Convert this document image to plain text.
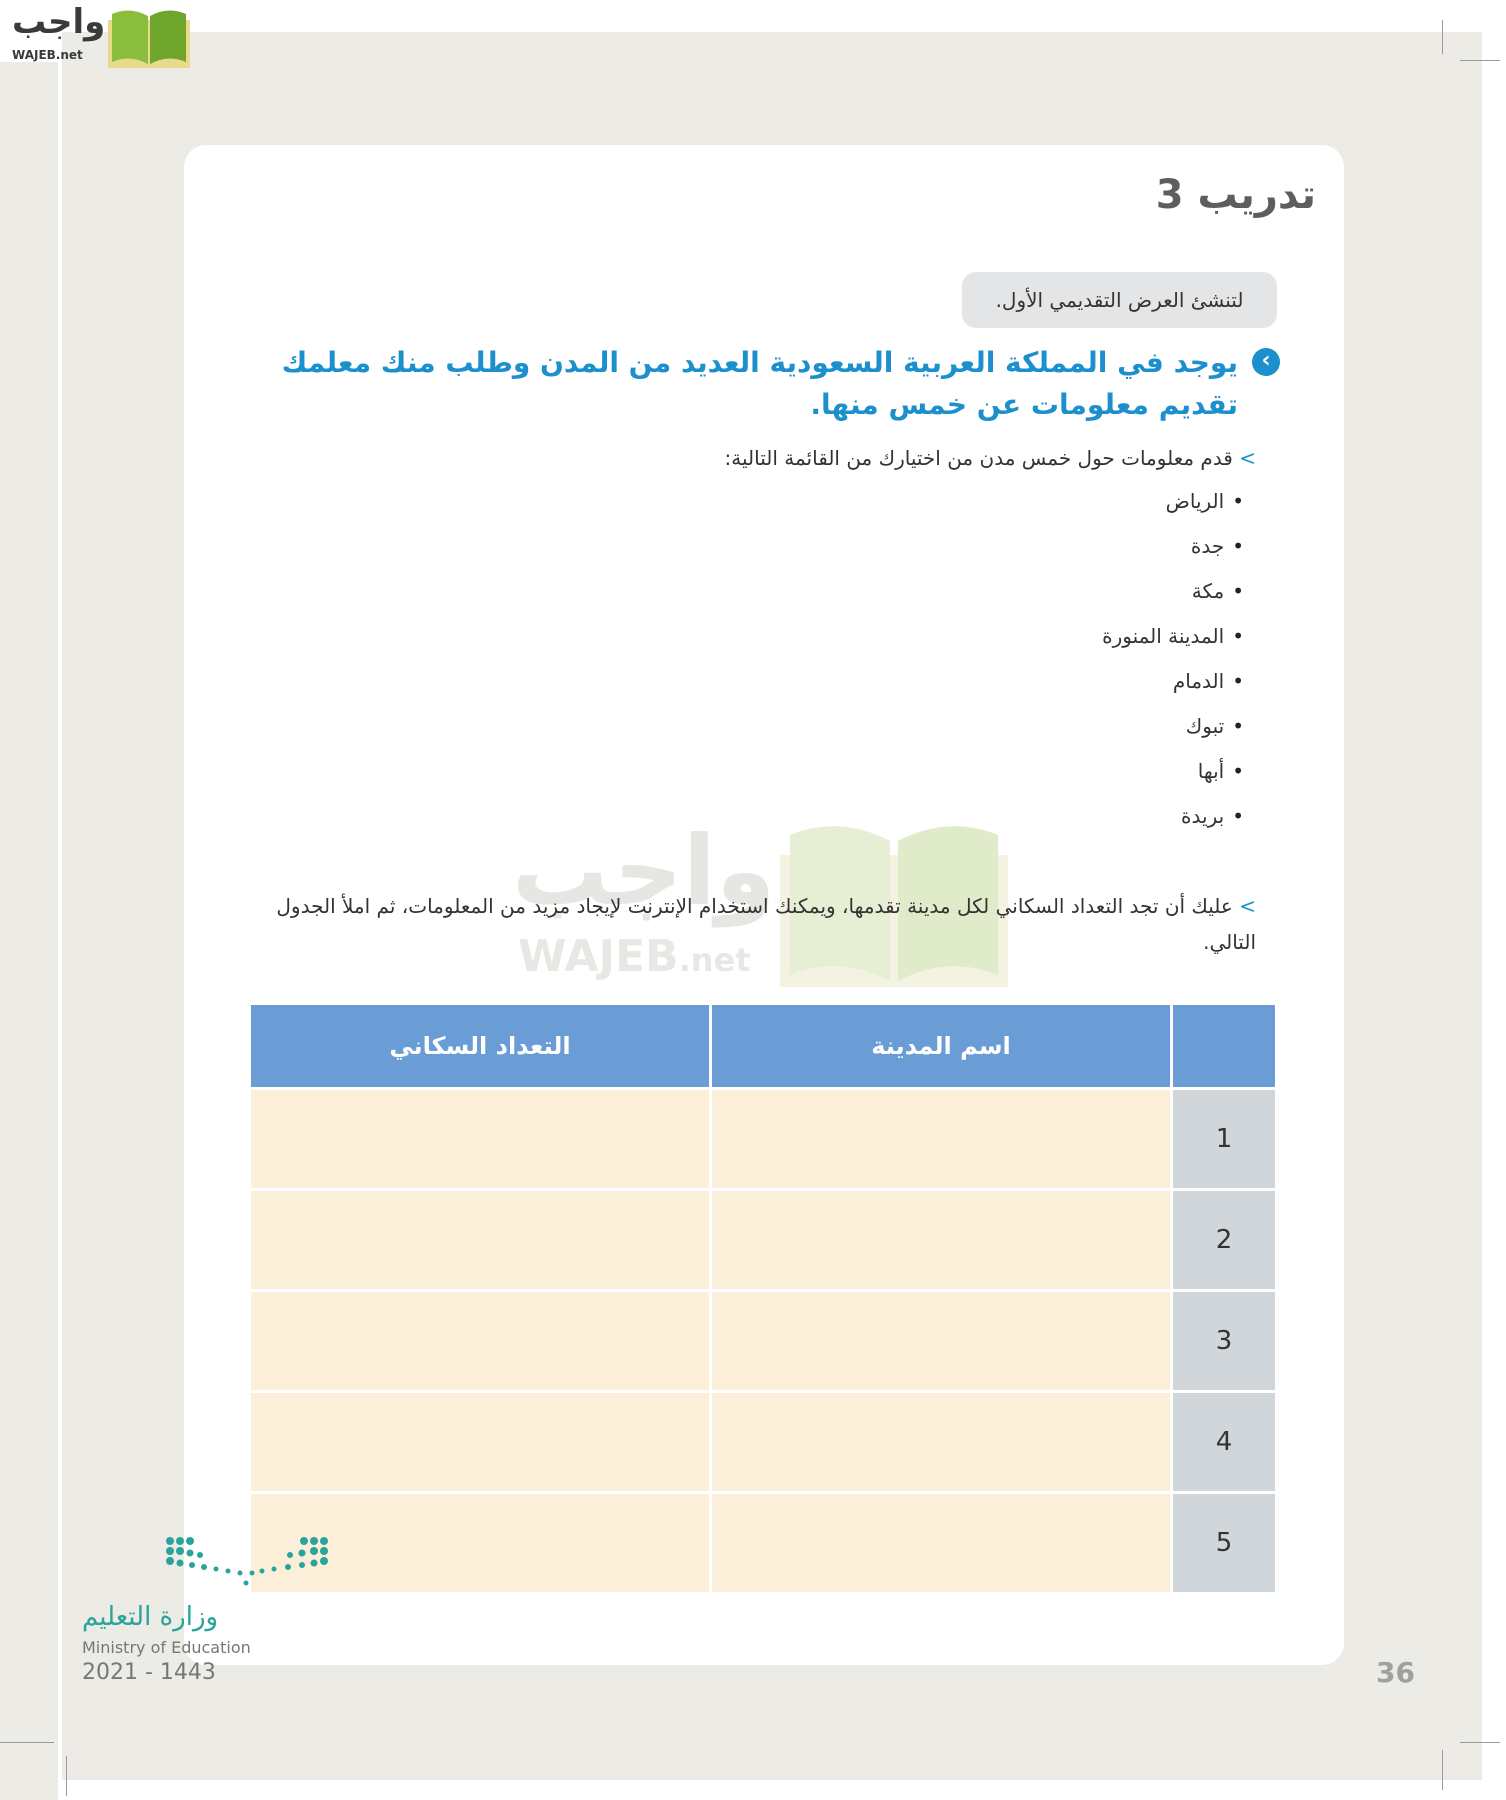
واجب
WAJEB.net
تدريب 3
لتنشئ العرض التقديمي الأول.
‹
يوجد في المملكة العربية السعودية العديد من المدن وطلب منك معلمك تقديم معلومات عن خمس منها.
> قدم معلومات حول خمس مدن من اختيارك من القائمة التالية:
• الرياض
• جدة
• مكة
• المدينة المنورة
• الدمام
• تبوك
• أبها
• بريدة
واجب
WAJEB.net
> عليك أن تجد التعداد السكاني لكل مدينة تقدمها، ويمكنك استخدام الإنترنت لإيجاد مزيد من المعلومات، ثم املأ الجدول التالي.
	اسم المدينة	التعداد السكاني
1		
2		
3		
4		
5		
وزارة التعليم
Ministry of Education
2021 - 1443	36
